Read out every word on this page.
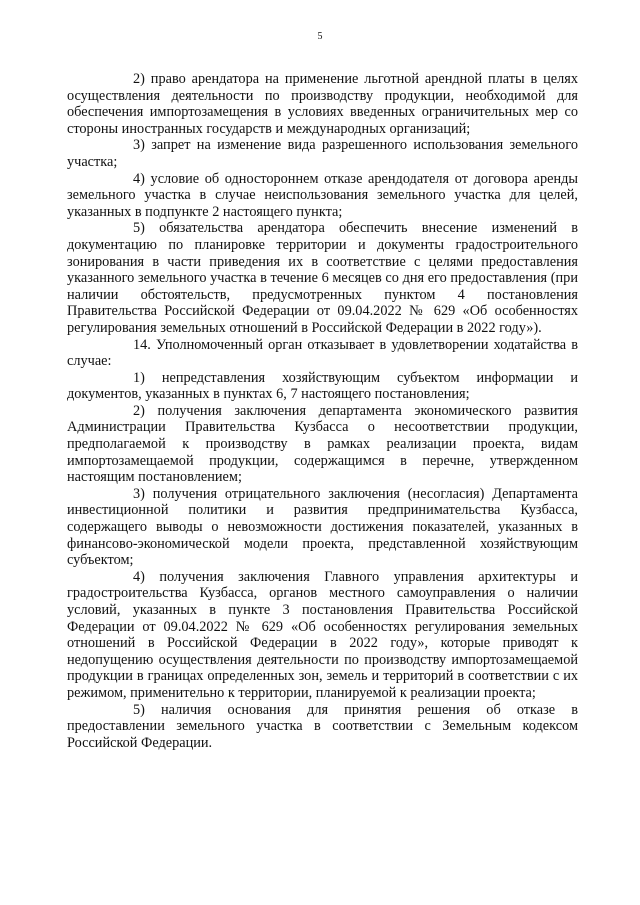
5

2) право арендатора на применение льготной арендной платы в целях осуществления деятельности по производству продукции, необходимой для обеспечения импортозамещения в условиях введенных ограничительных мер со стороны иностранных государств и международных организаций;

3) запрет на изменение вида разрешенного использования земельного участка;

4) условие об одностороннем отказе арендодателя от договора аренды земельного участка в случае неиспользования земельного участка для целей, указанных в подпункте 2 настоящего пункта;

5) обязательства арендатора обеспечить внесение изменений в документацию по планировке территории и документы градостроительного зонирования в части приведения их в соответствие с целями предоставления указанного земельного участка в течение 6 месяцев со дня его предоставления (при наличии обстоятельств, предусмотренных пунктом 4 постановления Правительства Российской Федерации от 09.04.2022 № 629 «Об особенностях регулирования земельных отношений в Российской Федерации в 2022 году»).

14. Уполномоченный орган отказывает в удовлетворении ходатайства в случае:

1) непредставления хозяйствующим субъектом информации и документов, указанных в пунктах 6, 7 настоящего постановления;

2) получения заключения департамента экономического развития Администрации Правительства Кузбасса о несоответствии продукции, предполагаемой к производству в рамках реализации проекта, видам импортозамещаемой продукции, содержащимся в перечне, утвержденном настоящим постановлением;

3) получения отрицательного заключения (несогласия) Департамента инвестиционной политики и развития предпринимательства Кузбасса, содержащего выводы о невозможности достижения показателей, указанных в финансово-экономической модели проекта, представленной хозяйствующим субъектом;

4) получения заключения Главного управления архитектуры и градостроительства Кузбасса, органов местного самоуправления о наличии условий, указанных в пункте 3 постановления Правительства Российской Федерации от 09.04.2022 № 629 «Об особенностях регулирования земельных отношений в Российской Федерации в 2022 году», которые приводят к недопущению осуществления деятельности по производству импортозамещаемой продукции в границах определенных зон, земель и территорий в соответствии с их режимом, применительно к территории, планируемой к реализации проекта;

5) наличия основания для принятия решения об отказе в предоставлении земельного участка в соответствии с Земельным кодексом Российской Федерации.
